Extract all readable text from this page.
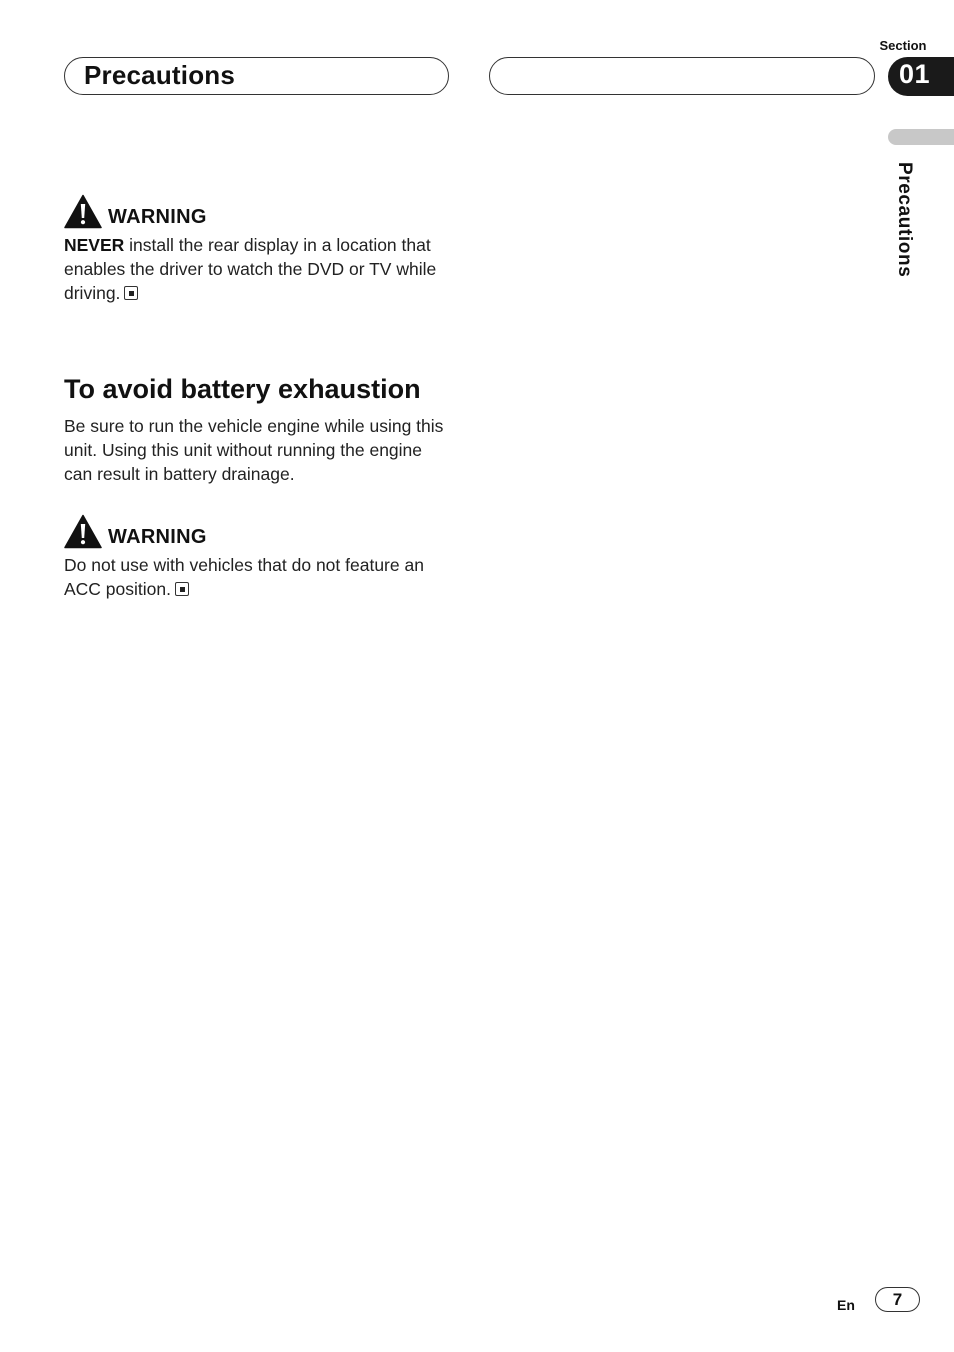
Precautions
Section
01
Precautions
WARNING
NEVER install the rear display in a location that enables the driver to watch the DVD or TV while driving.
To avoid battery exhaustion
Be sure to run the vehicle engine while using this unit. Using this unit without running the engine can result in battery drainage.
WARNING
Do not use with vehicles that do not feature an ACC position.
En	7
